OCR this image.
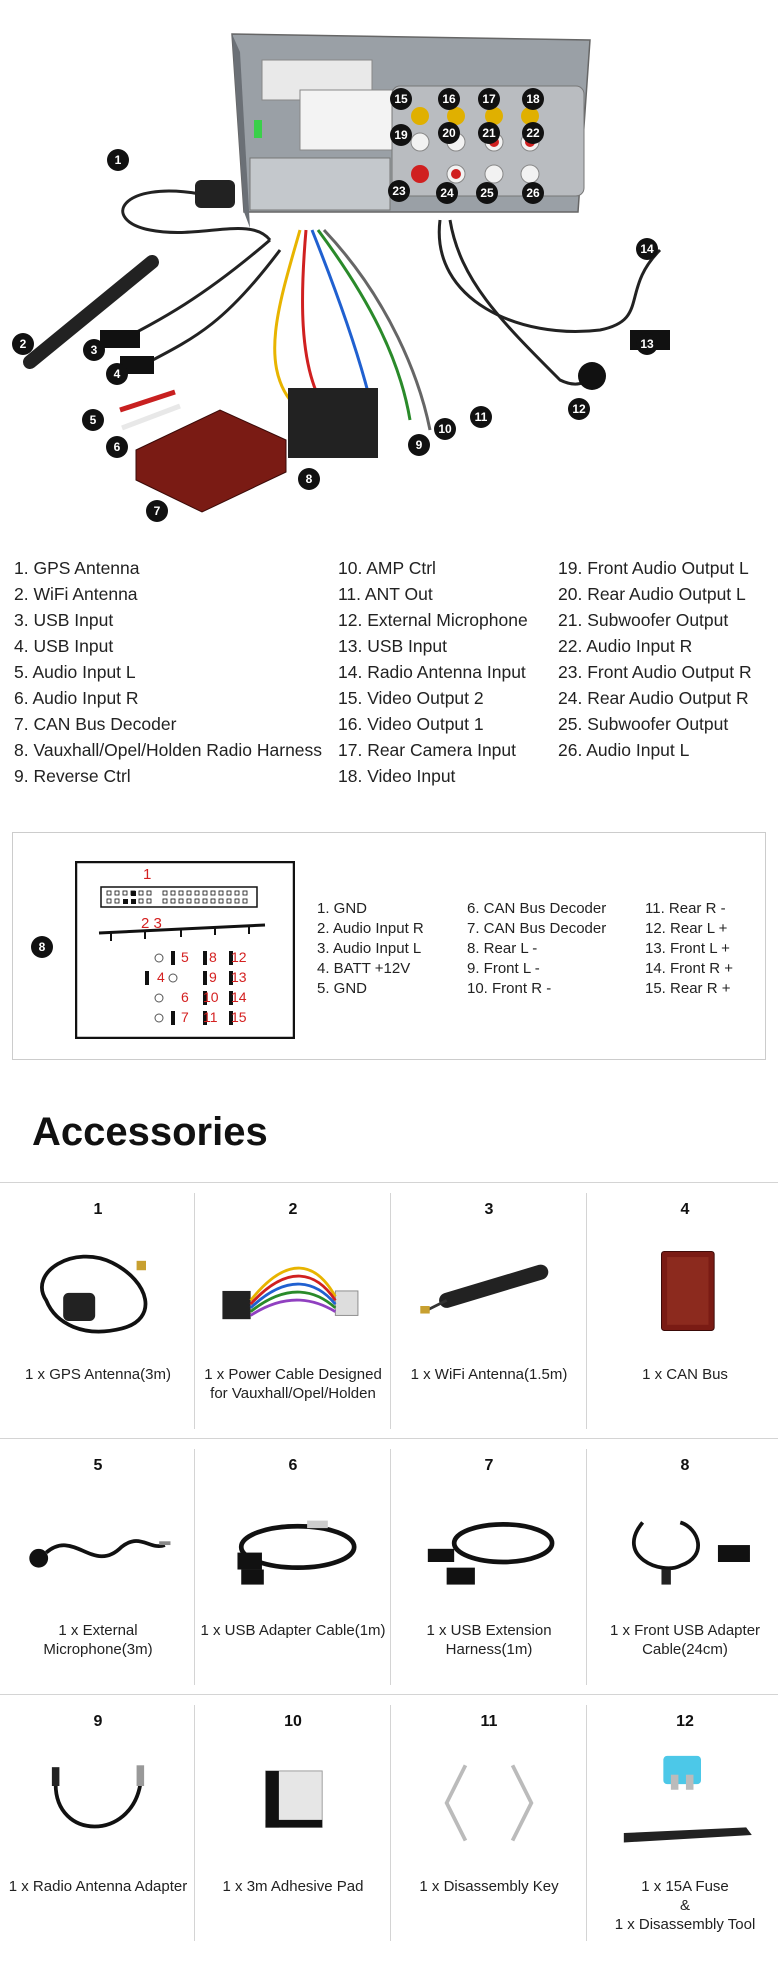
1
2	3
4
5
6
7
8
9
10
11
12
13
14
15	16	17	18
19	20	21	22
23	24	25	26
1. GPS Antenna
2. WiFi Antenna
3. USB Input
4. USB Input
5. Audio Input L
6. Audio Input R
7. CAN Bus Decoder
8. Vauxhall/Opel/Holden Radio Harness
9. Reverse Ctrl
10. AMP Ctrl
11. ANT Out
12. External Microphone
13. USB Input
14. Radio Antenna Input
15. Video Output 2
16. Video Output 1
17. Rear Camera Input
18. Video Input
19. Front Audio Output L
20. Rear Audio Output L
21. Subwoofer Output
22. Audio Input R
23. Front Audio Output R
24. Rear Audio Output R
25. Subwoofer Output
26. Audio Input L
8
1
2 3
5 8 12
4	9 13
6 10 14
7 11 15
1. GND
2. Audio Input R
3. Audio Input L
4. BATT +12V
5. GND
6. CAN Bus Decoder
7. CAN Bus Decoder
8. Rear L -
9. Front L -
10. Front R -
11. Rear R -
12. Rear L +
13. Front L +
14. Front R +
15. Rear R +
Accessories
1
1 x GPS Antenna(3m)
2
1 x Power Cable Designed for Vauxhall/Opel/Holden
3
1 x WiFi Antenna(1.5m)
4
1 x CAN Bus
5
1 x External Microphone(3m)
6
1 x USB Adapter Cable(1m)
7
1 x USB Extension Harness(1m)
8
1 x Front USB Adapter Cable(24cm)
9
1 x Radio Antenna Adapter
10
1 x 3m Adhesive Pad
11
1 x Disassembly Key
12
1 x 15A Fuse
&
1 x Disassembly Tool
